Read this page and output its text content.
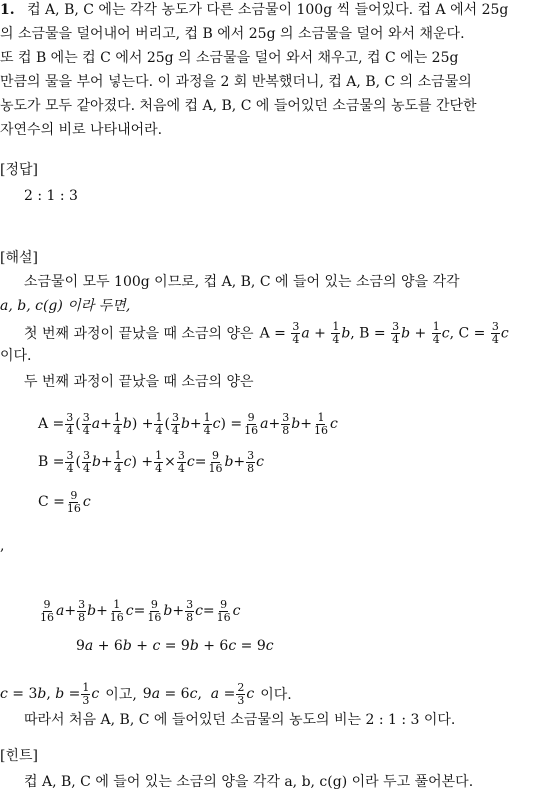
1. 컵 A, B, C 에는 각각 농도가 다른 소금물이 100g 씩 들어있다. 컵 A 에서 25g
의 소금물을 덜어내어 버리고, 컵 B 에서 25g 의 소금물을 덜어 와서 채운다.
또 컵 B 에는 컵 C 에서 25g 의 소금물을 덜어 와서 채우고, 컵 C 에는 25g
만큼의 물을 부어 넣는다. 이 과정을 2 회 반복했더니, 컵 A, B, C 의 소금물의
농도가 모두 같아졌다. 처음에 컵 A, B, C 에 들어있던 소금물의 농도를 간단한
자연수의 비로 나타내어라.
[정답]
2 : 1 : 3
[해설]
소금물이 모두 100g 이므로, 컵 A, B, C 에 들어 있는 소금의 양을 각각
a, b, c(g) 이라 두면,
첫 번째 과정이 끝났을 때 소금의 양은 $A = \frac{3}{4}$ $a + \frac{1}{4} b$, $B = \frac{3}{4}$ $b + \frac{1}{4} c$, $C = \frac{3}{4}$ c
이다.
두 번째 과정이 끝났을 때 소금의 양은
$A = \frac{3}{4}$ ( $\frac{3}{4}$ $a + \frac{1}{4}$ b ) + $\frac{1}{4}$ ( $\frac{3}{4}$ $b + \frac{1}{4}$ c ) = $\frac{9}{16}$ $a + \frac{3}{8}$ $b + \frac{1}{16}$ c
$B = \frac{3}{4}$ ( $\frac{3}{4}$ $b + \frac{1}{4}$ c ) + $\frac{1}{4} \times \frac{3}{4}$ $c = \frac{9}{16}$ $b + \frac{3}{8}$ c
$C = \frac{9}{16}$ c
,
$\frac{9}{16}$ $a + \frac{3}{8}$ $b + \frac{1}{16}$ $c = \frac{9}{16}$ $b + \frac{3}{8}$ $c = \frac{9}{16}$ c
9a + 6b + c = 9b + 6c = 9c
c = 3 b , $b = \frac{1}{3}$ c 이고, 9a = 6c,  $a = \frac{2}{3}$ c 이다.
따라서 처음 A, B, C 에 들어있던 소금물의 농도의 비는 2 : 1 : 3 이다.
[힌트]
컵 A, B, C 에 들어 있는 소금의 양을 각각 a, b, c(g) 이라 두고 풀어본다.
